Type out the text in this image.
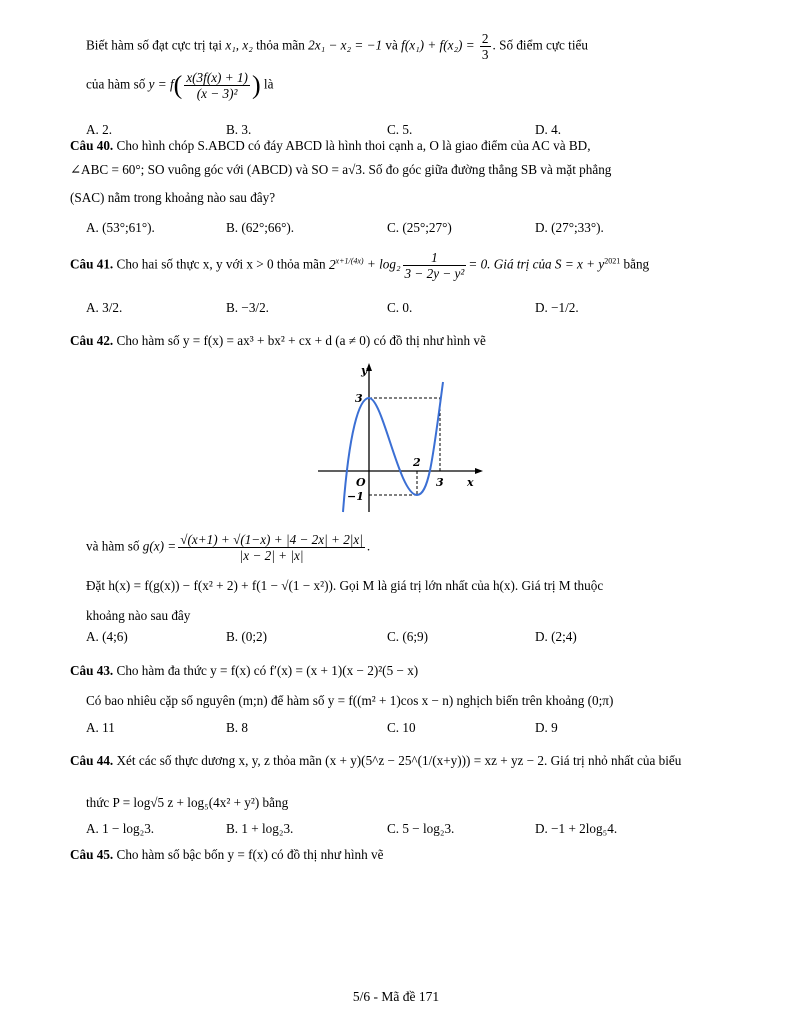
Biết hàm số đạt cực trị tại x₁, x₂ thỏa mãn 2x₁ − x₂ = −1 và $f(x_1) + f(x_2) = \frac{2}{3}$ . Số điểm cực tiểu
của hàm số $y = f( \frac{x(3f(x) + 1)}{\text{(x − 3)²}}$ ) là
A. 2.	B. 3.	C. 5.	D. 4.
Câu 40. Cho hình chóp S.ABCD có đáy ABCD là hình thoi cạnh a, O là giao điểm của AC và BD,
∠ABC = 60°; SO vuông góc với (ABCD) và SO = a√3. Số đo góc giữa đường thẳng SB và mặt phẳng
(SAC) nằm trong khoảng nào sau đây?
A. (53°;61°).	B. (62°;66°).	C. (25°;27°)	D. (27°;33°).
Câu 41. Cho hai số thực x, y với x > 0 thỏa mãn $2^{x+1/(4x)} + \log_2 \frac{1}{\text{3 − 2y − y²}} = 0$. Giá trị của $S = x + y^{2021}$ bằng
A. 3/2.	B. −3/2.	C. 0.	D. −1/2.
Câu 42. Cho hàm số y = f(x) = ax³ + bx² + cx + d (a ≠ 0) có đồ thị như hình vẽ
y
x
O
3
2
3
−1
và hàm số $g(x) = \frac{√(x+1) + √(1-x) + |4 - 2x| + 2|x|}{|x - 2| + |x|}$ .
Đặt h(x) = f(g(x)) − f(x² + 2) + f(1 − √(1 − x²)). Gọi M là giá trị lớn nhất của h(x). Giá trị M thuộc
khoảng nào sau đây
A. (4;6)	B. (0;2)	C. (6;9)	D. (2;4)
Câu 43. Cho hàm đa thức y = f(x) có f′(x) = (x + 1)(x − 2)²(5 − x)
Có bao nhiêu cặp số nguyên (m;n) để hàm số y = f((m² + 1)cos x − n) nghịch biến trên khoảng (0;π)
A. 11	B. 8	C. 10	D. 9
Câu 44. Xét các số thực dương x, y, z thỏa mãn (x + y)(5^z − 25^(1/(x+y))) = xz + yz − 2. Giá trị nhỏ nhất của biểu
thức P = log√5 z + log₅(4x² + y²) bằng
A. 1 − log₂3.	B. 1 + log₂3.	C. 5 − log₂3.	D. −1 + 2log₅4.
Câu 45. Cho hàm số bậc bốn y = f(x) có đồ thị như hình vẽ
5/6 - Mã đề 171
